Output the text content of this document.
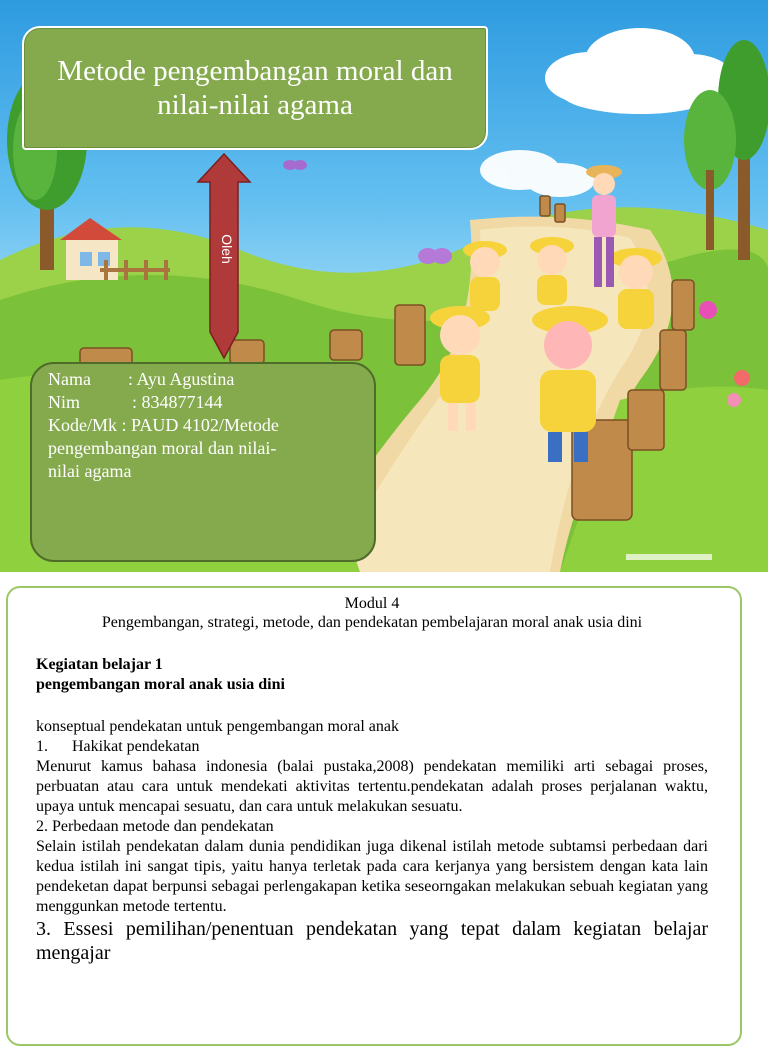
Metode pengembangan moral dan nilai-nilai agama
Oleh
Nama	: Ayu Agustina
Nim	: 834877144
Kode/Mk : PAUD 4102/Metode
pengembangan moral dan nilai-
nilai agama
Modul 4
Pengembangan, strategi, metode, dan pendekatan pembelajaran moral anak usia dini
Kegiatan belajar 1
pengembangan moral anak usia dini
konseptual pendekatan untuk pengembangan moral anak
1. Hakikat pendekatan
Menurut kamus bahasa indonesia (balai pustaka,2008) pendekatan memiliki arti sebagai proses, perbuatan atau cara untuk mendekati aktivitas tertentu.pendekatan adalah proses perjalanan waktu, upaya untuk mencapai sesuatu, dan cara untuk melakukan sesuatu.
2. Perbedaan metode dan pendekatan
Selain istilah pendekatan dalam dunia pendidikan juga dikenal istilah metode subtamsi perbedaan dari kedua istilah ini sangat tipis, yaitu hanya terletak pada cara kerjanya yang bersistem dengan kata lain pendeketan dapat berpunsi sebagai perlengakapan ketika seseorngakan melakukan sebuah kegiatan yang menggunkan metode tertentu.
3. Essesi pemilihan/penentuan pendekatan yang tepat dalam kegiatan belajar mengajar
